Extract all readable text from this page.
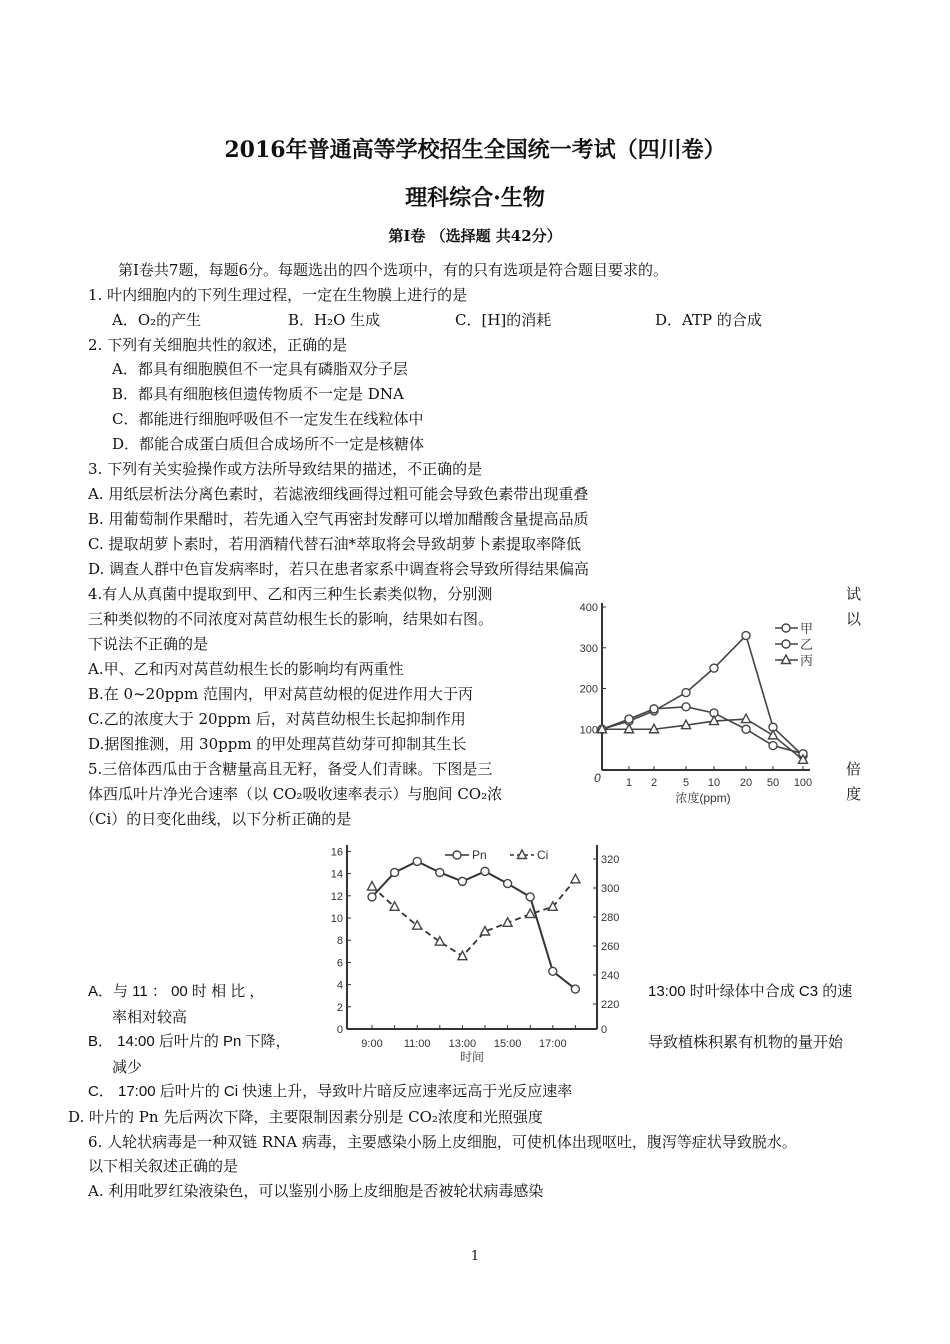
2016年普通高等学校招生全国统一考试（四川卷）
理科综合·生物
第Ⅰ卷 （选择题 共42分）
第Ⅰ卷共7题，每题6分。每题选出的四个选项中，有的只有选项是符合题目要求的。
1. 叶内细胞内的下列生理过程，一定在生物膜上进行的是
A．O₂的产生	B．H₂O 生成	C．[H]的消耗	D．ATP 的合成
2. 下列有关细胞共性的叙述，正确的是
A．都具有细胞膜但不一定具有磷脂双分子层
B．都具有细胞核但遗传物质不一定是 DNA
C．都能进行细胞呼吸但不一定发生在线粒体中
D．都能合成蛋白质但合成场所不一定是核糖体
3. 下列有关实验操作或方法所导致结果的描述，不正确的是
A. 用纸层析法分离色素时，若滤液细线画得过粗可能会导致色素带出现重叠
B. 用葡萄制作果醋时，若先通入空气再密封发酵可以增加醋酸含量提高品质
C. 提取胡萝卜素时，若用酒精代替石油*萃取将会导致胡萝卜素提取率降低
D. 调查人群中色盲发病率时，若只在患者家系中调查将会导致所得结果偏高
4.有人从真菌中提取到甲、乙和丙三种生长素类似物，分别测	试
三种类似物的不同浓度对莴苣幼根生长的影响，结果如右图。	以
下说法不正确的是
A.甲、乙和丙对莴苣幼根生长的影响均有两重性
B.在 0~20ppm 范围内，甲对莴苣幼根的促进作用大于丙
C.乙的浓度大于 20ppm 后，对莴苣幼根生长起抑制作用
D.据图推测，用 30ppm 的甲处理莴苣幼芽可抑制其生长
5.三倍体西瓜由于含糖量高且无籽，备受人们青睐。下图是三	倍
体西瓜叶片净光合速率（以 CO₂吸收速率表示）与胞间 CO₂浓	度
（Ci）的日变化曲线，以下分析正确的是
A．与 11 ： 00 时 相 比 ，	13:00 时叶绿体中合成 C3 的速
率相对较高
B． 14:00 后叶片的 Pn 下降，	导致植株积累有机物的量开始
减少
C． 17:00 后叶片的 Ci 快速上升，导致叶片暗反应速率远高于光反应速率
D. 叶片的 Pn 先后两次下降，主要限制因素分别是 CO₂浓度和光照强度
6. 人轮状病毒是一种双链 RNA 病毒，主要感染小肠上皮细胞，可使机体出现呕吐，腹泻等症状导致脱水。
以下相关叙述正确的是
A. 利用吡罗红染液染色，可以鉴别小肠上皮细胞是否被轮状病毒感染
1
0
100
200
300
400
1 2 5 10 20 50 100
浓度(ppm)
甲
乙
丙
0
2
4
6
8
10
12
14
16
0
220
240
260
280
300
320
9:00 11:00 13:00 15:00 17:00
时间
Pn	Ci
